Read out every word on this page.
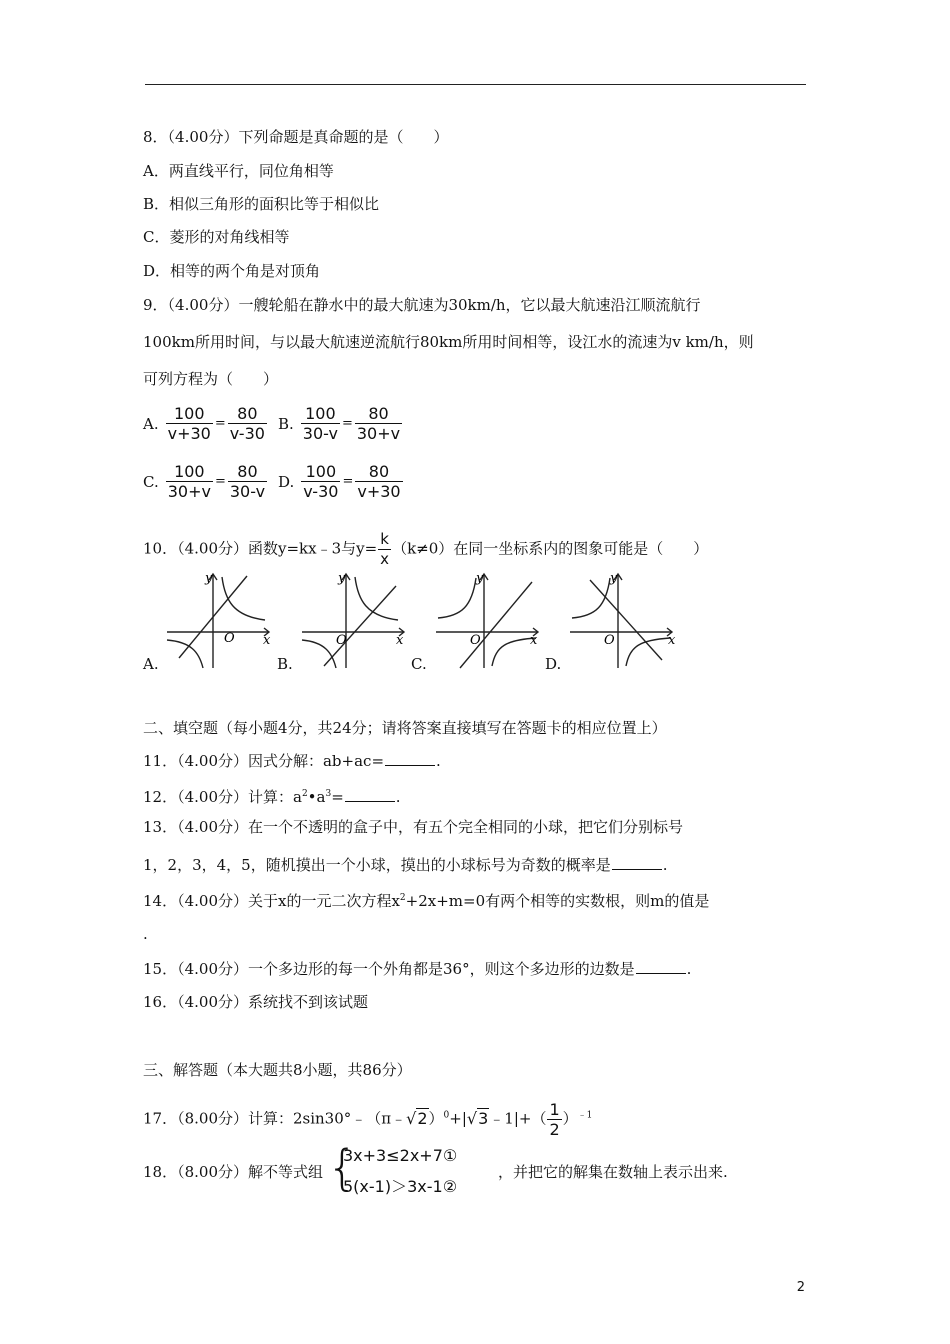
8．（4.00分）下列命题是真命题的是（　　）
A．两直线平行，同位角相等
B．相似三角形的面积比等于相似比
C．菱形的对角线相等
D．相等的两个角是对顶角
9．（4.00分）一艘轮船在静水中的最大航速为30km/h，它以最大航速沿江顺流航行
100km所用时间，与以最大航速逆流航行80km所用时间相等，设江水的流速为v km/h，则
可列方程为（　　）
A. $\frac{100}{v+30} = \frac{80}{v-30} B$. $\frac{100}{30-v} = \frac{80}{30+v}$
C. $\frac{100}{30+v} = \frac{80}{30-v} D$. $\frac{100}{v-30} = \frac{80}{v+30}$
10．（4.00分）函数y=kx﹣3与$y= \frac{k}{x} (k\ne 0)$在同一坐标系内的图象可能是（　　）
A.
y
x
O
B.
y
x
O
C.
y
x
O
D.
y
x
O
二、填空题（每小题4分，共24分；请将答案直接填写在答题卡的相应位置上）
11．（4.00分）因式分解：ab+ac=	.
12．（4.00分）计算：$a^2•a^3=$	.
13．（4.00分）在一个不透明的盒子中，有五个完全相同的小球，把它们分别标号
1，2，3，4，5，随机摸出一个小球，摸出的小球标号为奇数的概率是	.
14．（4.00分）关于x的一元二次方程$x^2+2x+m=0$有两个相等的实数根，则m的值是
.
15．（4.00分）一个多边形的每一个外角都是36°，则这个多边形的边数是	.
16．（4.00分）系统找不到该试题
三、解答题（本大题共8小题，共86分）
17．（8.00分）计算：2sin30°﹣（π﹣√2）$^0$+|√3﹣1|+（ $\frac{1}{2} )^{﹣1}$
18．（8.00分）解不等式组 {
3x+3≤2x+7①
5(x-1)＞3x-1②
，并把它的解集在数轴上表示出来.
2
